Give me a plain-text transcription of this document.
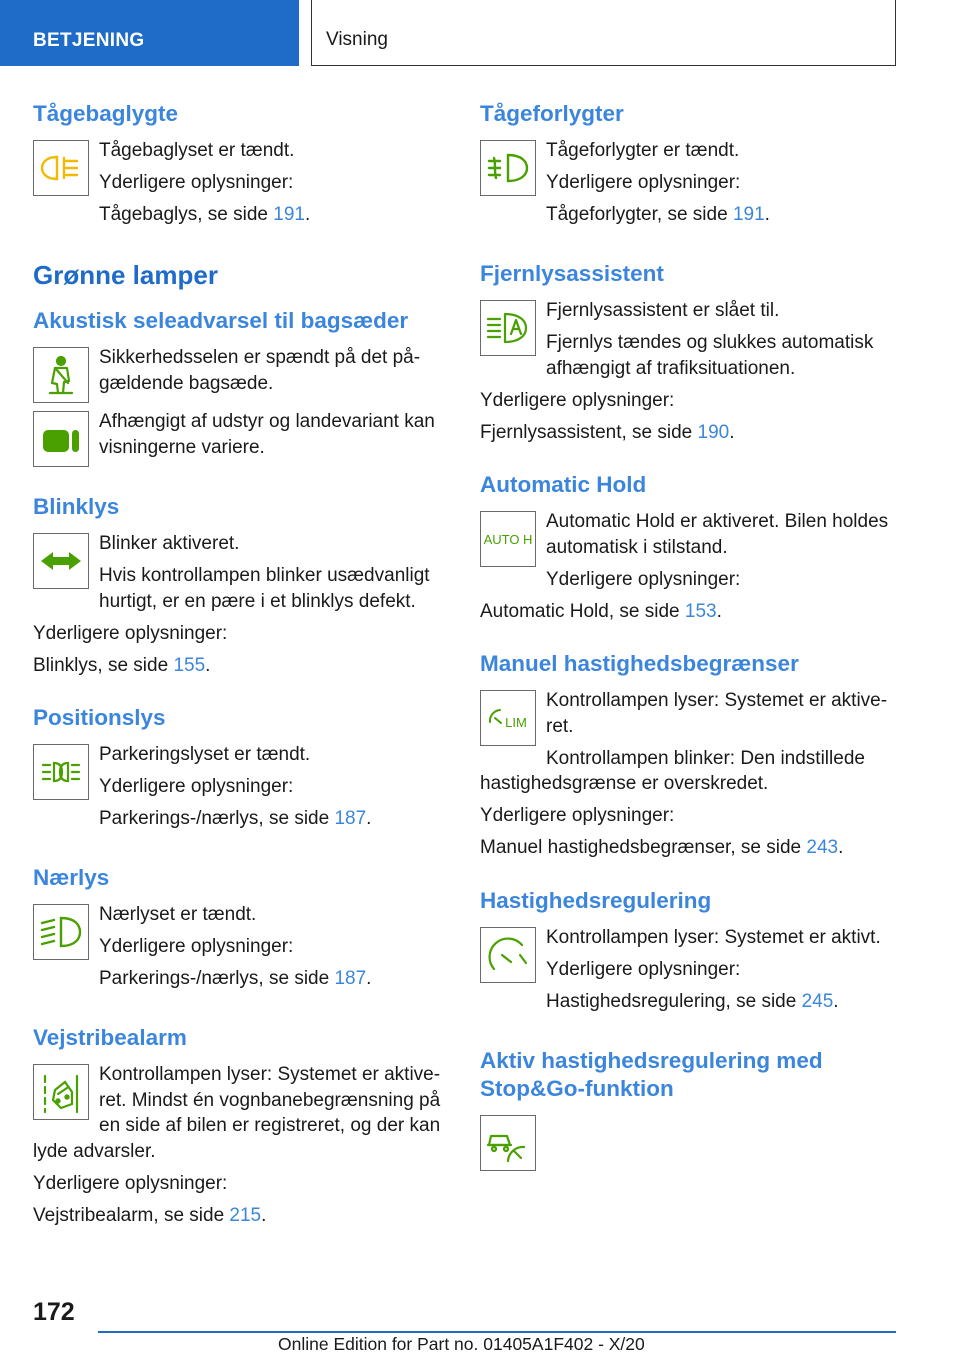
BETJENING	Visning
Tågebaglygte

Tågebaglyset er tændt.

Yderligere oplysninger:

Tågebaglys, se side 191.

Grønne lamper
Akustisk seleadvarsel til bagsæder

Sikkerhedsselen er spændt på det på-gældende bagsæde.

Afhængigt af udstyr og landevariant kan visningerne variere.

Blinklys

Blinker aktiveret.

Hvis kontrollampen blinker usædvanligt hurtigt, er en pære i et blinklys defekt.

Yderligere oplysninger:

Blinklys, se side 155.

Positionslys

Parkeringslyset er tændt.

Yderligere oplysninger:

Parkerings-/nærlys, se side 187.

Nærlys

Nærlyset er tændt.

Yderligere oplysninger:

Parkerings-/nærlys, se side 187.

Vejstribealarm

Kontrollampen lyser: Systemet er aktive-ret. Mindst én vognbanebegrænsning på en side af bilen er registreret, og der kan lyde advarsler.

Yderligere oplysninger:

Vejstribealarm, se side 215.

Tågeforlygter

Tågeforlygter er tændt.

Yderligere oplysninger:

Tågeforlygter, se side 191.

Fjernlysassistent

Fjernlysassistent er slået til.

Fjernlys tændes og slukkes automatisk afhængigt af trafiksituationen.

Yderligere oplysninger:

Fjernlysassistent, se side 190.

Automatic Hold
AUTO H

Automatic Hold er aktiveret. Bilen holdes automatisk i stilstand.

Yderligere oplysninger:

Automatic Hold, se side 153.

Manuel hastighedsbegrænser
LIM

Kontrollampen lyser: Systemet er aktive-ret.

Kontrollampen blinker: Den indstillede hastighedsgrænse er overskredet.

Yderligere oplysninger:

Manuel hastighedsbegrænser, se side 243.

Hastighedsregulering

Kontrollampen lyser: Systemet er aktivt.

Yderligere oplysninger:

Hastighedsregulering, se side 245.

Aktiv hastighedsregulering med Stop&Go-funktion
172
Online Edition for Part no. 01405A1F402 - X/20
